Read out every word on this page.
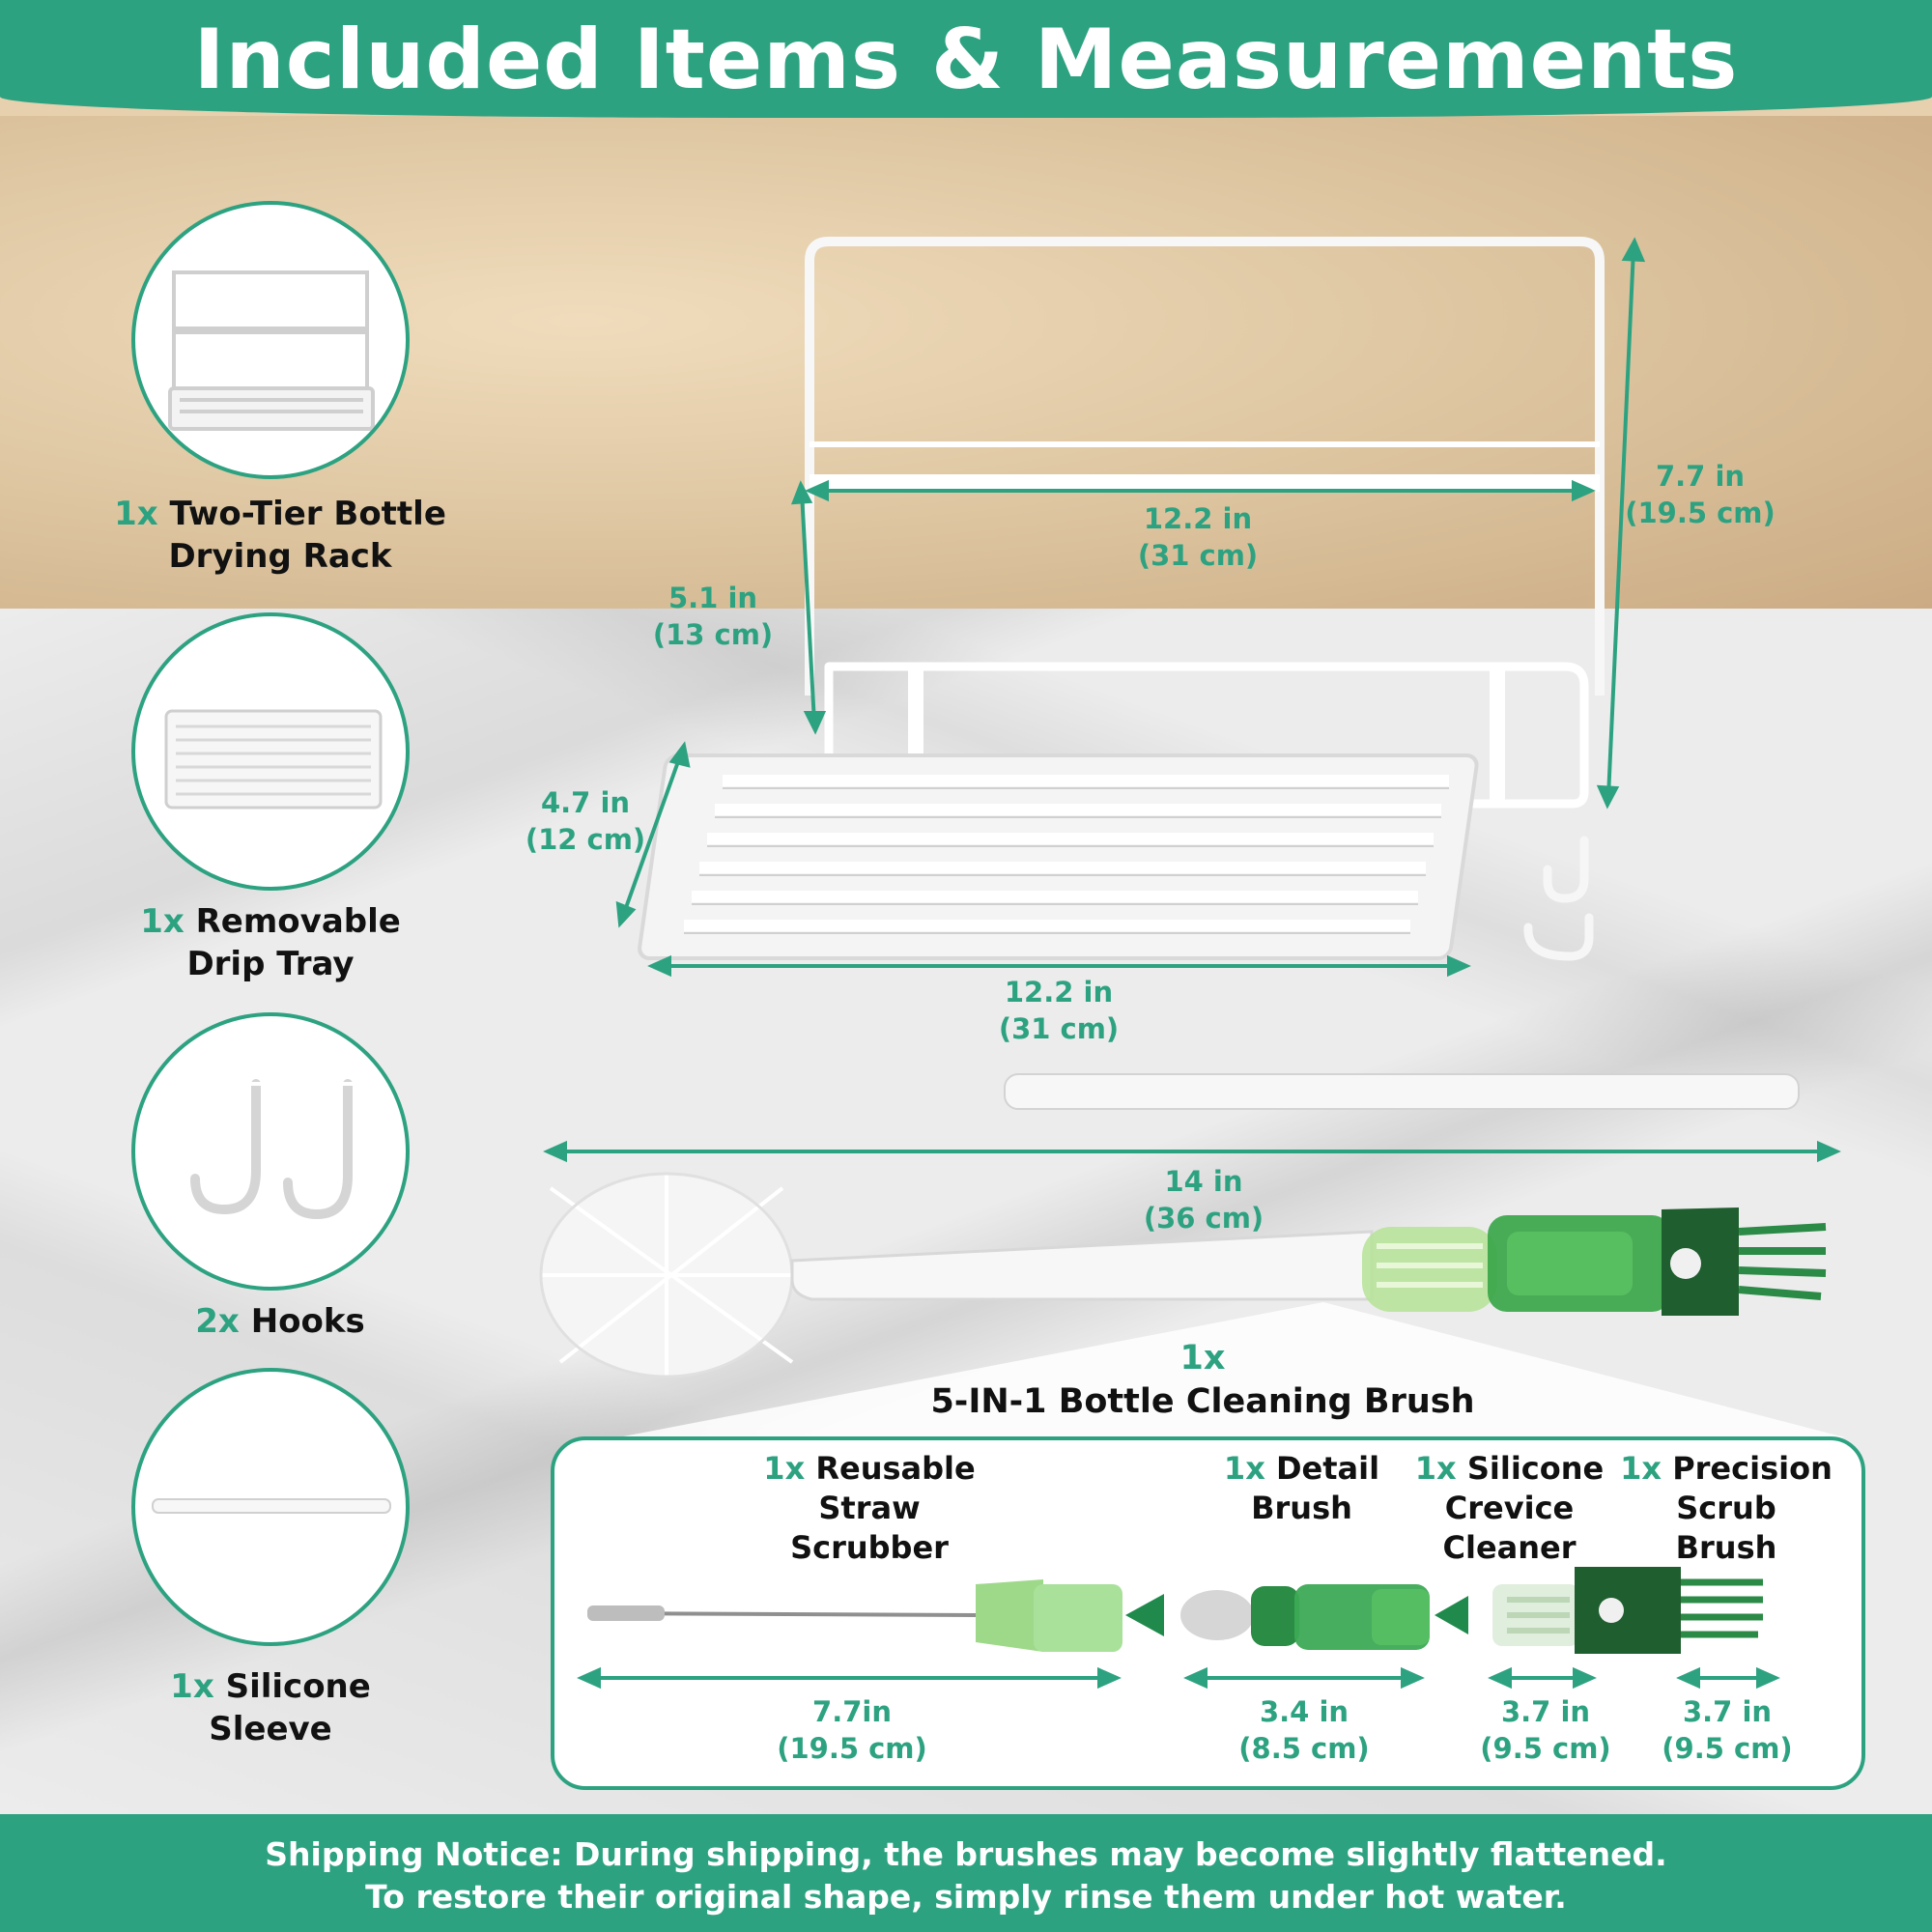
Included Items & Measurements
1x Two-Tier Bottle
Drying Rack
1x Removable
Drip Tray
2x Hooks
1x Silicone
Sleeve
12.2 in
(31 cm)
7.7 in
(19.5 cm)
5.1 in
(13 cm)
4.7 in
(12 cm)
12.2 in
(31 cm)
14 in
(36 cm)
1x
5-IN-1 Bottle Cleaning Brush
1x Reusable
Straw
Scrubber
1x Detail
Brush
1x Silicone
Crevice
Cleaner
1x Precision
Scrub
Brush
7.7in
(19.5 cm)
3.4 in
(8.5 cm)
3.7 in
(9.5 cm)
3.7 in
(9.5 cm)
Shipping Notice: During shipping, the brushes may become slightly flattened.
To restore their original shape, simply rinse them under hot water.
